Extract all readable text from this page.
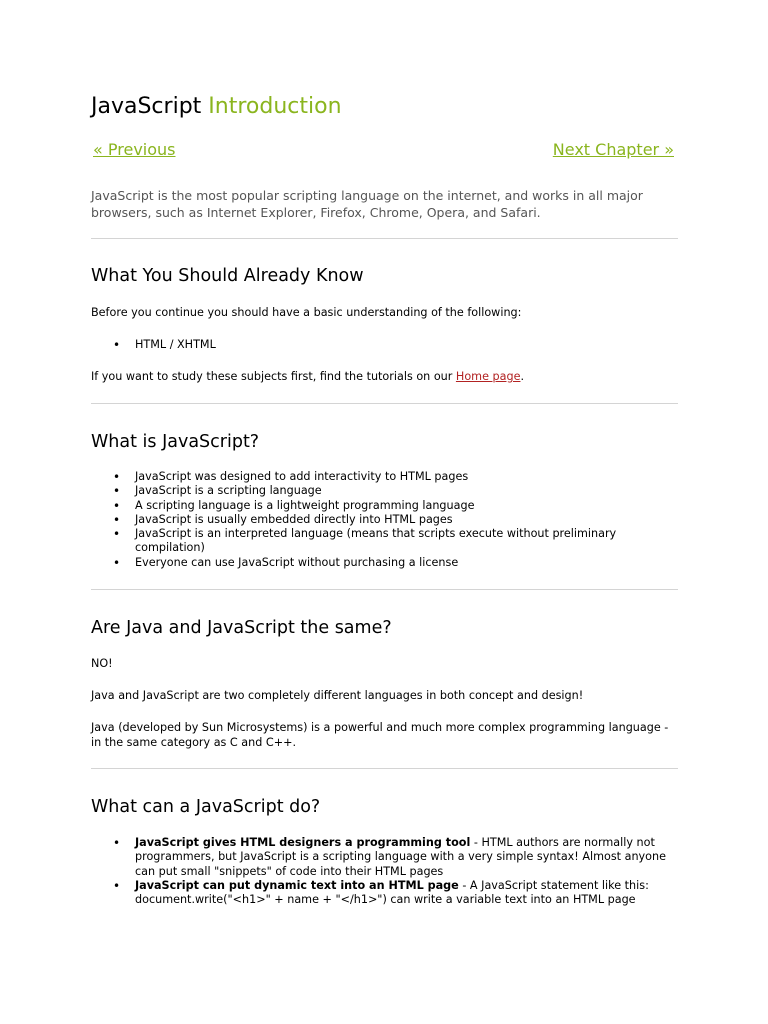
JavaScript Introduction
« Previous	Next Chapter »

JavaScript is the most popular scripting language on the internet, and works in all major browsers, such as Internet Explorer, Firefox, Chrome, Opera, and Safari.

What You Should Already Know

Before you continue you should have a basic understanding of the following:

• HTML / XHTML

If you want to study these subjects first, find the tutorials on our Home page.

What is JavaScript?
• JavaScript was designed to add interactivity to HTML pages
• JavaScript is a scripting language
• A scripting language is a lightweight programming language
• JavaScript is usually embedded directly into HTML pages
• JavaScript is an interpreted language (means that scripts execute without preliminary compilation)
• Everyone can use JavaScript without purchasing a license
Are Java and JavaScript the same?

NO!

Java and JavaScript are two completely different languages in both concept and design!

Java (developed by Sun Microsystems) is a powerful and much more complex programming language - in the same category as C and C++.

What can a JavaScript do?
• JavaScript gives HTML designers a programming tool - HTML authors are normally not programmers, but JavaScript is a scripting language with a very simple syntax! Almost anyone can put small "snippets" of code into their HTML pages
• JavaScript can put dynamic text into an HTML page - A JavaScript statement like this: document.write("<h1>" + name + "</h1>") can write a variable text into an HTML page
